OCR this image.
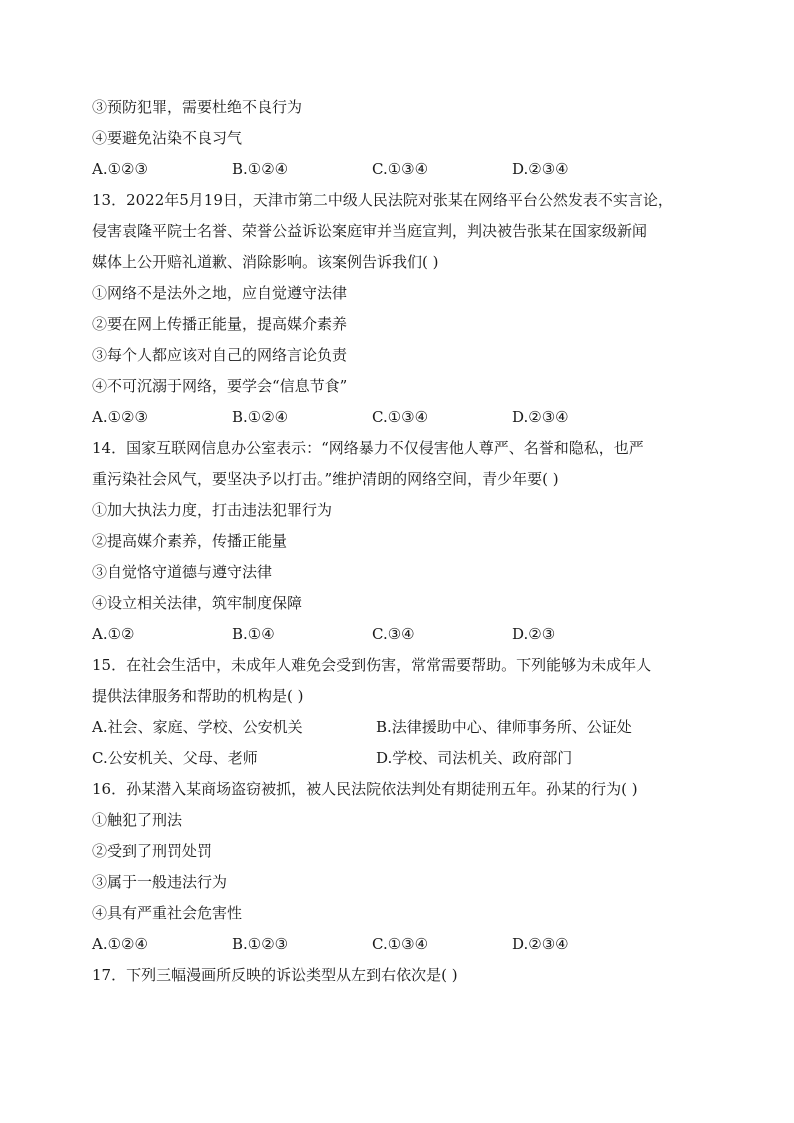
③预防犯罪，需要杜绝不良行为
④要避免沾染不良习气
A.①②③	B.①②④	C.①③④	D.②③④
13．2022年5月19日，天津市第二中级人民法院对张某在网络平台公然发表不实言论，
侵害袁隆平院士名誉、荣誉公益诉讼案庭审并当庭宣判，判决被告张某在国家级新闻
媒体上公开赔礼道歉、消除影响。该案例告诉我们( )
①网络不是法外之地，应自觉遵守法律
②要在网上传播正能量，提高媒介素养
③每个人都应该对自己的网络言论负责
④不可沉溺于网络，要学会“信息节食”
A.①②③	B.①②④	C.①③④	D.②③④
14．国家互联网信息办公室表示：“网络暴力不仅侵害他人尊严、名誉和隐私，也严
重污染社会风气，要坚决予以打击。”维护清朗的网络空间，青少年要( )
①加大执法力度，打击违法犯罪行为
②提高媒介素养，传播正能量
③自觉恪守道德与遵守法律
④设立相关法律，筑牢制度保障
A.①②	B.①④	C.③④	D.②③
15．在社会生活中，未成年人难免会受到伤害，常常需要帮助。下列能够为未成年人
提供法律服务和帮助的机构是( )
A.社会、家庭、学校、公安机关	B.法律援助中心、律师事务所、公证处
C.公安机关、父母、老师	D.学校、司法机关、政府部门
16．孙某潜入某商场盗窃被抓，被人民法院依法判处有期徒刑五年。孙某的行为( )
①触犯了刑法
②受到了刑罚处罚
③属于一般违法行为
④具有严重社会危害性
A.①②④	B.①②③	C.①③④	D.②③④
17．下列三幅漫画所反映的诉讼类型从左到右依次是( )
